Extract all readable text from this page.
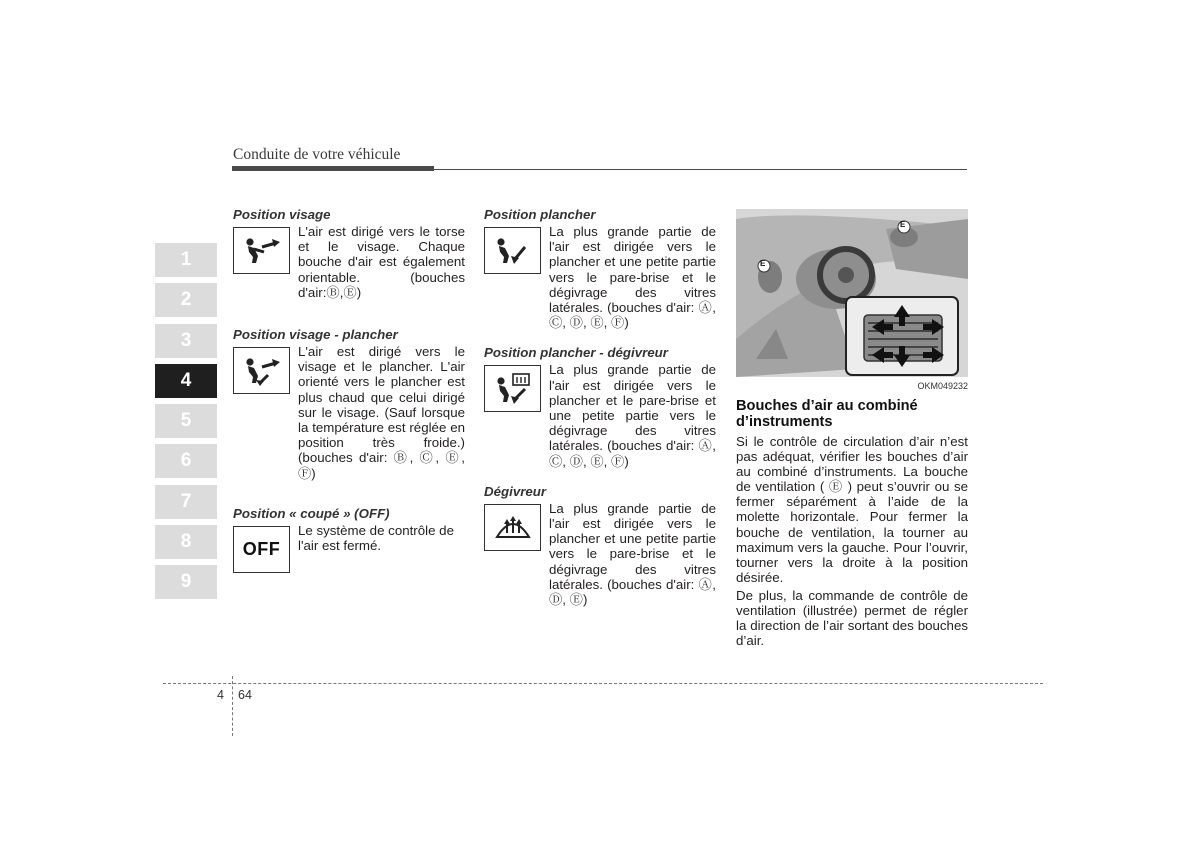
Conduite de votre véhicule
1
2
3
4
5
6
7
8
9
Position visage
L'air est dirigé vers le torse et le visage. Chaque bouche d'air est également orientable. (bouches d'air:Ⓑ,Ⓔ)
Position visage - plancher
L'air est dirigé vers le visage et le plancher. L'air orienté vers le plancher est plus chaud que celui dirigé sur le visage. (Sauf lorsque la température est réglée en position très froide.) (bouches d'air: Ⓑ, Ⓒ, Ⓔ, Ⓕ)
Position « coupé » (OFF)
OFF
Le système de contrôle de l'air est fermé.
Position plancher
La plus grande partie de l'air est dirigée vers le plancher et une petite partie vers le pare-brise et le dégivrage des vitres latérales. (bouches d'air: Ⓐ, Ⓒ, Ⓓ, Ⓔ, Ⓕ)
Position plancher - dégivreur
La plus grande partie de l'air est dirigée vers le plancher et le pare-brise et une petite partie vers le dégivrage des vitres latérales. (bouches d'air: Ⓐ, Ⓒ, Ⓓ, Ⓔ, Ⓕ)
Dégivreur
La plus grande partie de l'air est dirigée vers le plancher et une petite partie vers le pare-brise et le dégivrage des vitres latérales. (bouches d'air: Ⓐ, Ⓓ, Ⓔ)
E
E
OKM049232
Bouches d’air au combiné d’instruments
Si le contrôle de circulation d’air n’est pas adéquat, vérifier les bouches d’air au combiné d’instruments. La bouche de ventilation ( Ⓔ ) peut s’ouvrir ou se fermer séparément à l’aide de la molette horizontale. Pour fermer la bouche de ventilation, la tourner au maximum vers la gauche. Pour l’ouvrir, tourner vers la droite à la position désirée.
De plus, la commande de contrôle de ventilation (illustrée) permet de régler la direction de l’air sortant des bouches d’air.
4 64
